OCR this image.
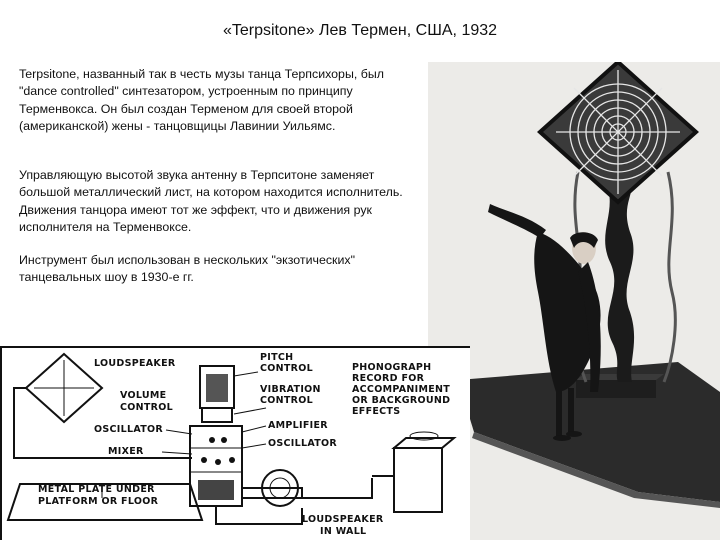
«Terpsitone» Лев Термен, США, 1932
Terpsitone, названный так в честь музы танца Терпсихоры, был "dance controlled" синтезатором, устроенным по принципу Терменвокса. Он был создан Терменом для своей второй (американской) жены - танцовщицы Лавинии Уильямс.
Управляющую высотой звука антенну в Терпситоне заменяет большой металлический лист, на котором находится исполнитель. Движения танцора имеют тот же эффект, что и движения рук исполнителя на Терменвоксе.
Инструмент был использован в нескольких "экзотических" танцевальных шоу в 1930-е гг.
LOUDSPEAKER
VOLUME
CONTROL
OSCILLATOR
MIXER
METAL PLATE UNDER
PLATFORM OR FLOOR
PITCH
CONTROL
VIBRATION
CONTROL
AMPLIFIER
OSCILLATOR
PHONOGRAPH
RECORD FOR
ACCOMPANIMENT
OR BACKGROUND
EFFECTS
LOUDSPEAKER
IN WALL
